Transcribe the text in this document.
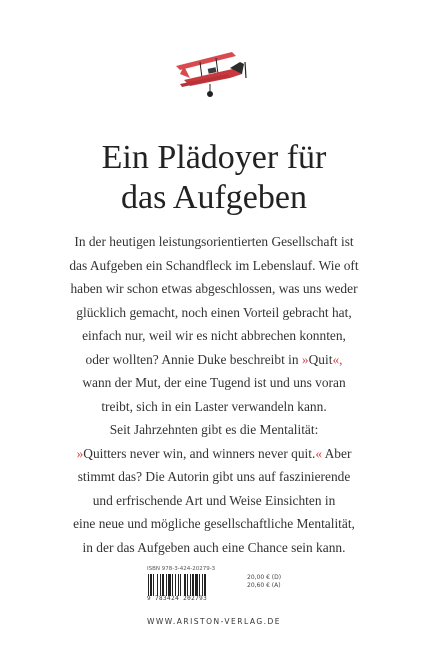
Ein Plädoyer für
das Aufgeben
In der heutigen leistungsorientierten Gesellschaft ist
das Aufgeben ein Schandfleck im Lebenslauf. Wie oft
haben wir schon etwas abgeschlossen, was uns weder
glücklich gemacht, noch einen Vorteil gebracht hat,
einfach nur, weil wir es nicht abbrechen konnten,
oder wollten? Annie Duke beschreibt in »Quit«,
wann der Mut, der eine Tugend ist und uns voran
treibt, sich in ein Laster verwandeln kann.
Seit Jahrzehnten gibt es die Mentalität:
»Quitters never win, and winners never quit.« Aber
stimmt das? Die Autorin gibt uns auf faszinierende
und erfrischende Art und Weise Einsichten in
eine neue und mögliche gesellschaftliche Mentalität,
in der das Aufgeben auch eine Chance sein kann.
ISBN 978-3-424-20279-3
9 783424 202793
20,00 € (D)
20,60 € (A)
WWW.ARISTON-VERLAG.DE
